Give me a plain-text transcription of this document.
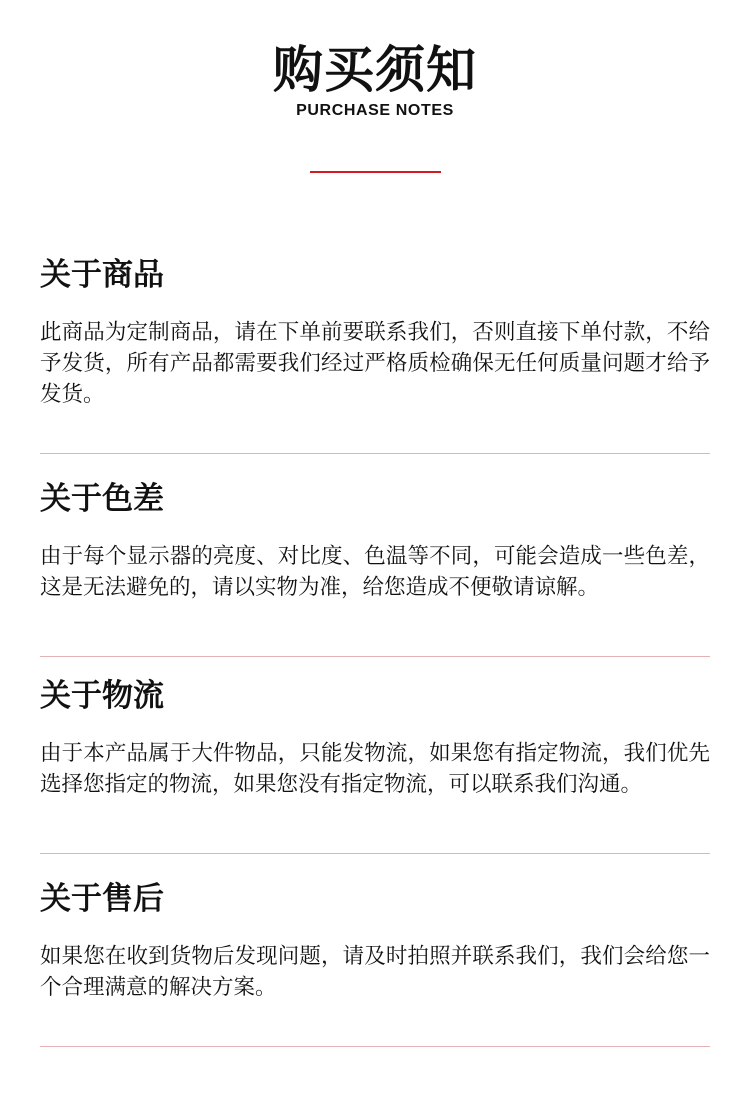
购买须知
PURCHASE NOTES
关于商品
此商品为定制商品，请在下单前要联系我们，否则直接下单付款，不给予发货，所有产品都需要我们经过严格质检确保无任何质量问题才给予发货。
关于色差
由于每个显示器的亮度、对比度、色温等不同，可能会造成一些色差，这是无法避免的，请以实物为准，给您造成不便敬请谅解。
关于物流
由于本产品属于大件物品，只能发物流，如果您有指定物流，我们优先选择您指定的物流，如果您没有指定物流，可以联系我们沟通。
关于售后
如果您在收到货物后发现问题，请及时拍照并联系我们，我们会给您一个合理满意的解决方案。
